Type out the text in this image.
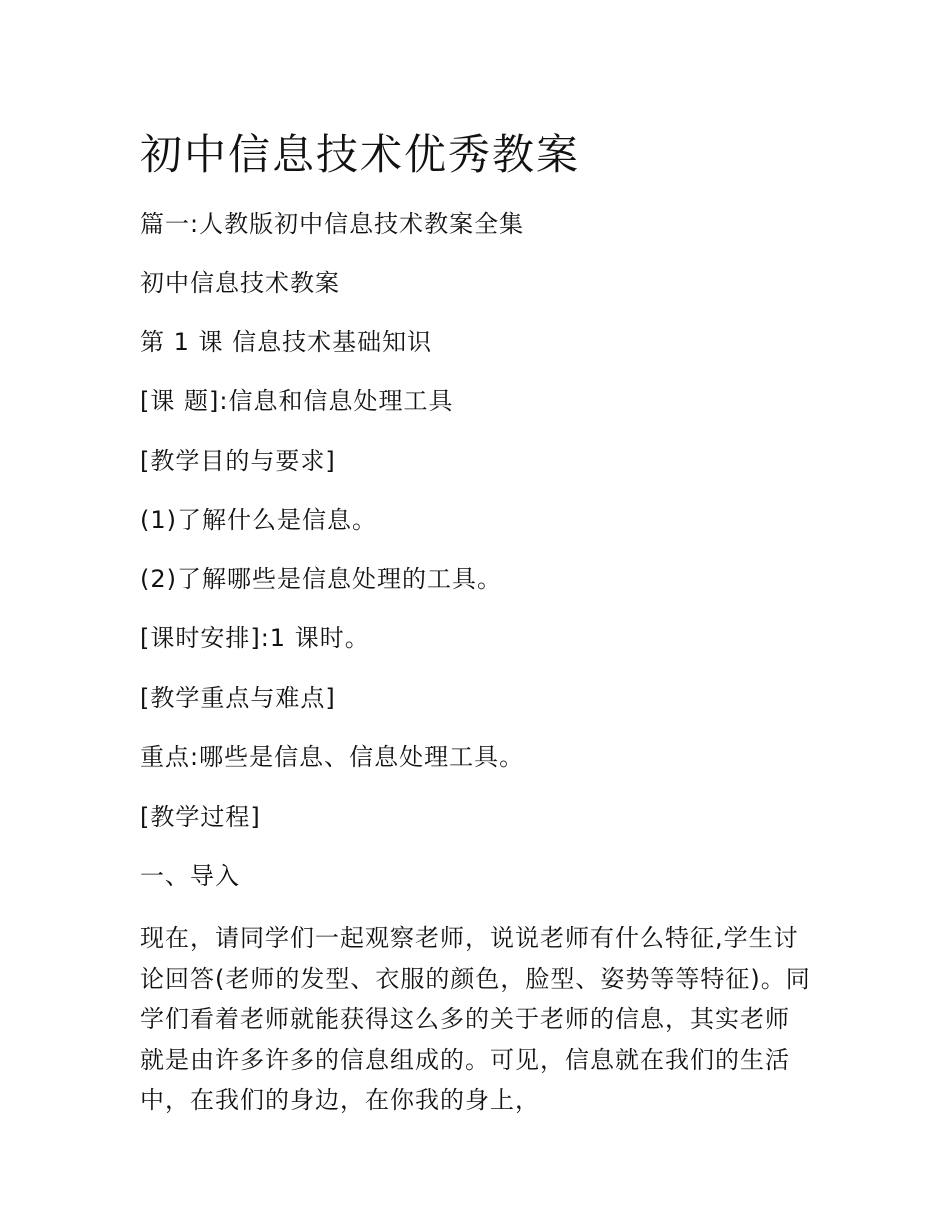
初中信息技术优秀教案

篇一:人教版初中信息技术教案全集

初中信息技术教案

第 1 课 信息技术基础知识

[课 题]:信息和信息处理工具

[教学目的与要求]

(1)了解什么是信息。

(2)了解哪些是信息处理的工具。

[课时安排]:1 课时。

[教学重点与难点]

重点:哪些是信息、信息处理工具。

[教学过程]

一、导入

现在，请同学们一起观察老师，说说老师有什么特征,学生讨论回答(老师的发型、衣服的颜色，脸型、姿势等等特征)。同学们看着老师就能获得这么多的关于老师的信息，其实老师就是由许多许多的信息组成的。可见，信息就在我们的生活中，在我们的身边，在你我的身上，
